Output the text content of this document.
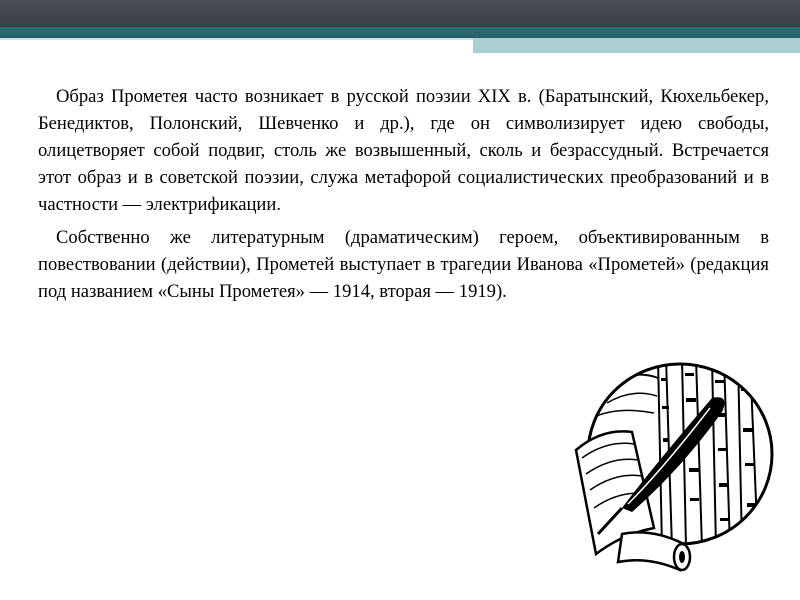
Образ Прометея часто возникает в русской поэзии XIX в. (Баратынский, Кюхельбекер, Бенедиктов, Полонский, Шевченко и др.), где он символизирует идею свободы, олицетворяет собой подвиг, столь же возвышенный, сколь и безрассудный. Встречается этот образ и в советской поэзии, служа метафорой социалистических преобразований и в частности — электрификации.

Собственно же литературным (драматическим) героем, объективированным в повествовании (действии), Прометей выступает в трагедии Иванова «Прометей» (редакция под названием «Сыны Прометея» — 1914, вторая — 1919).
